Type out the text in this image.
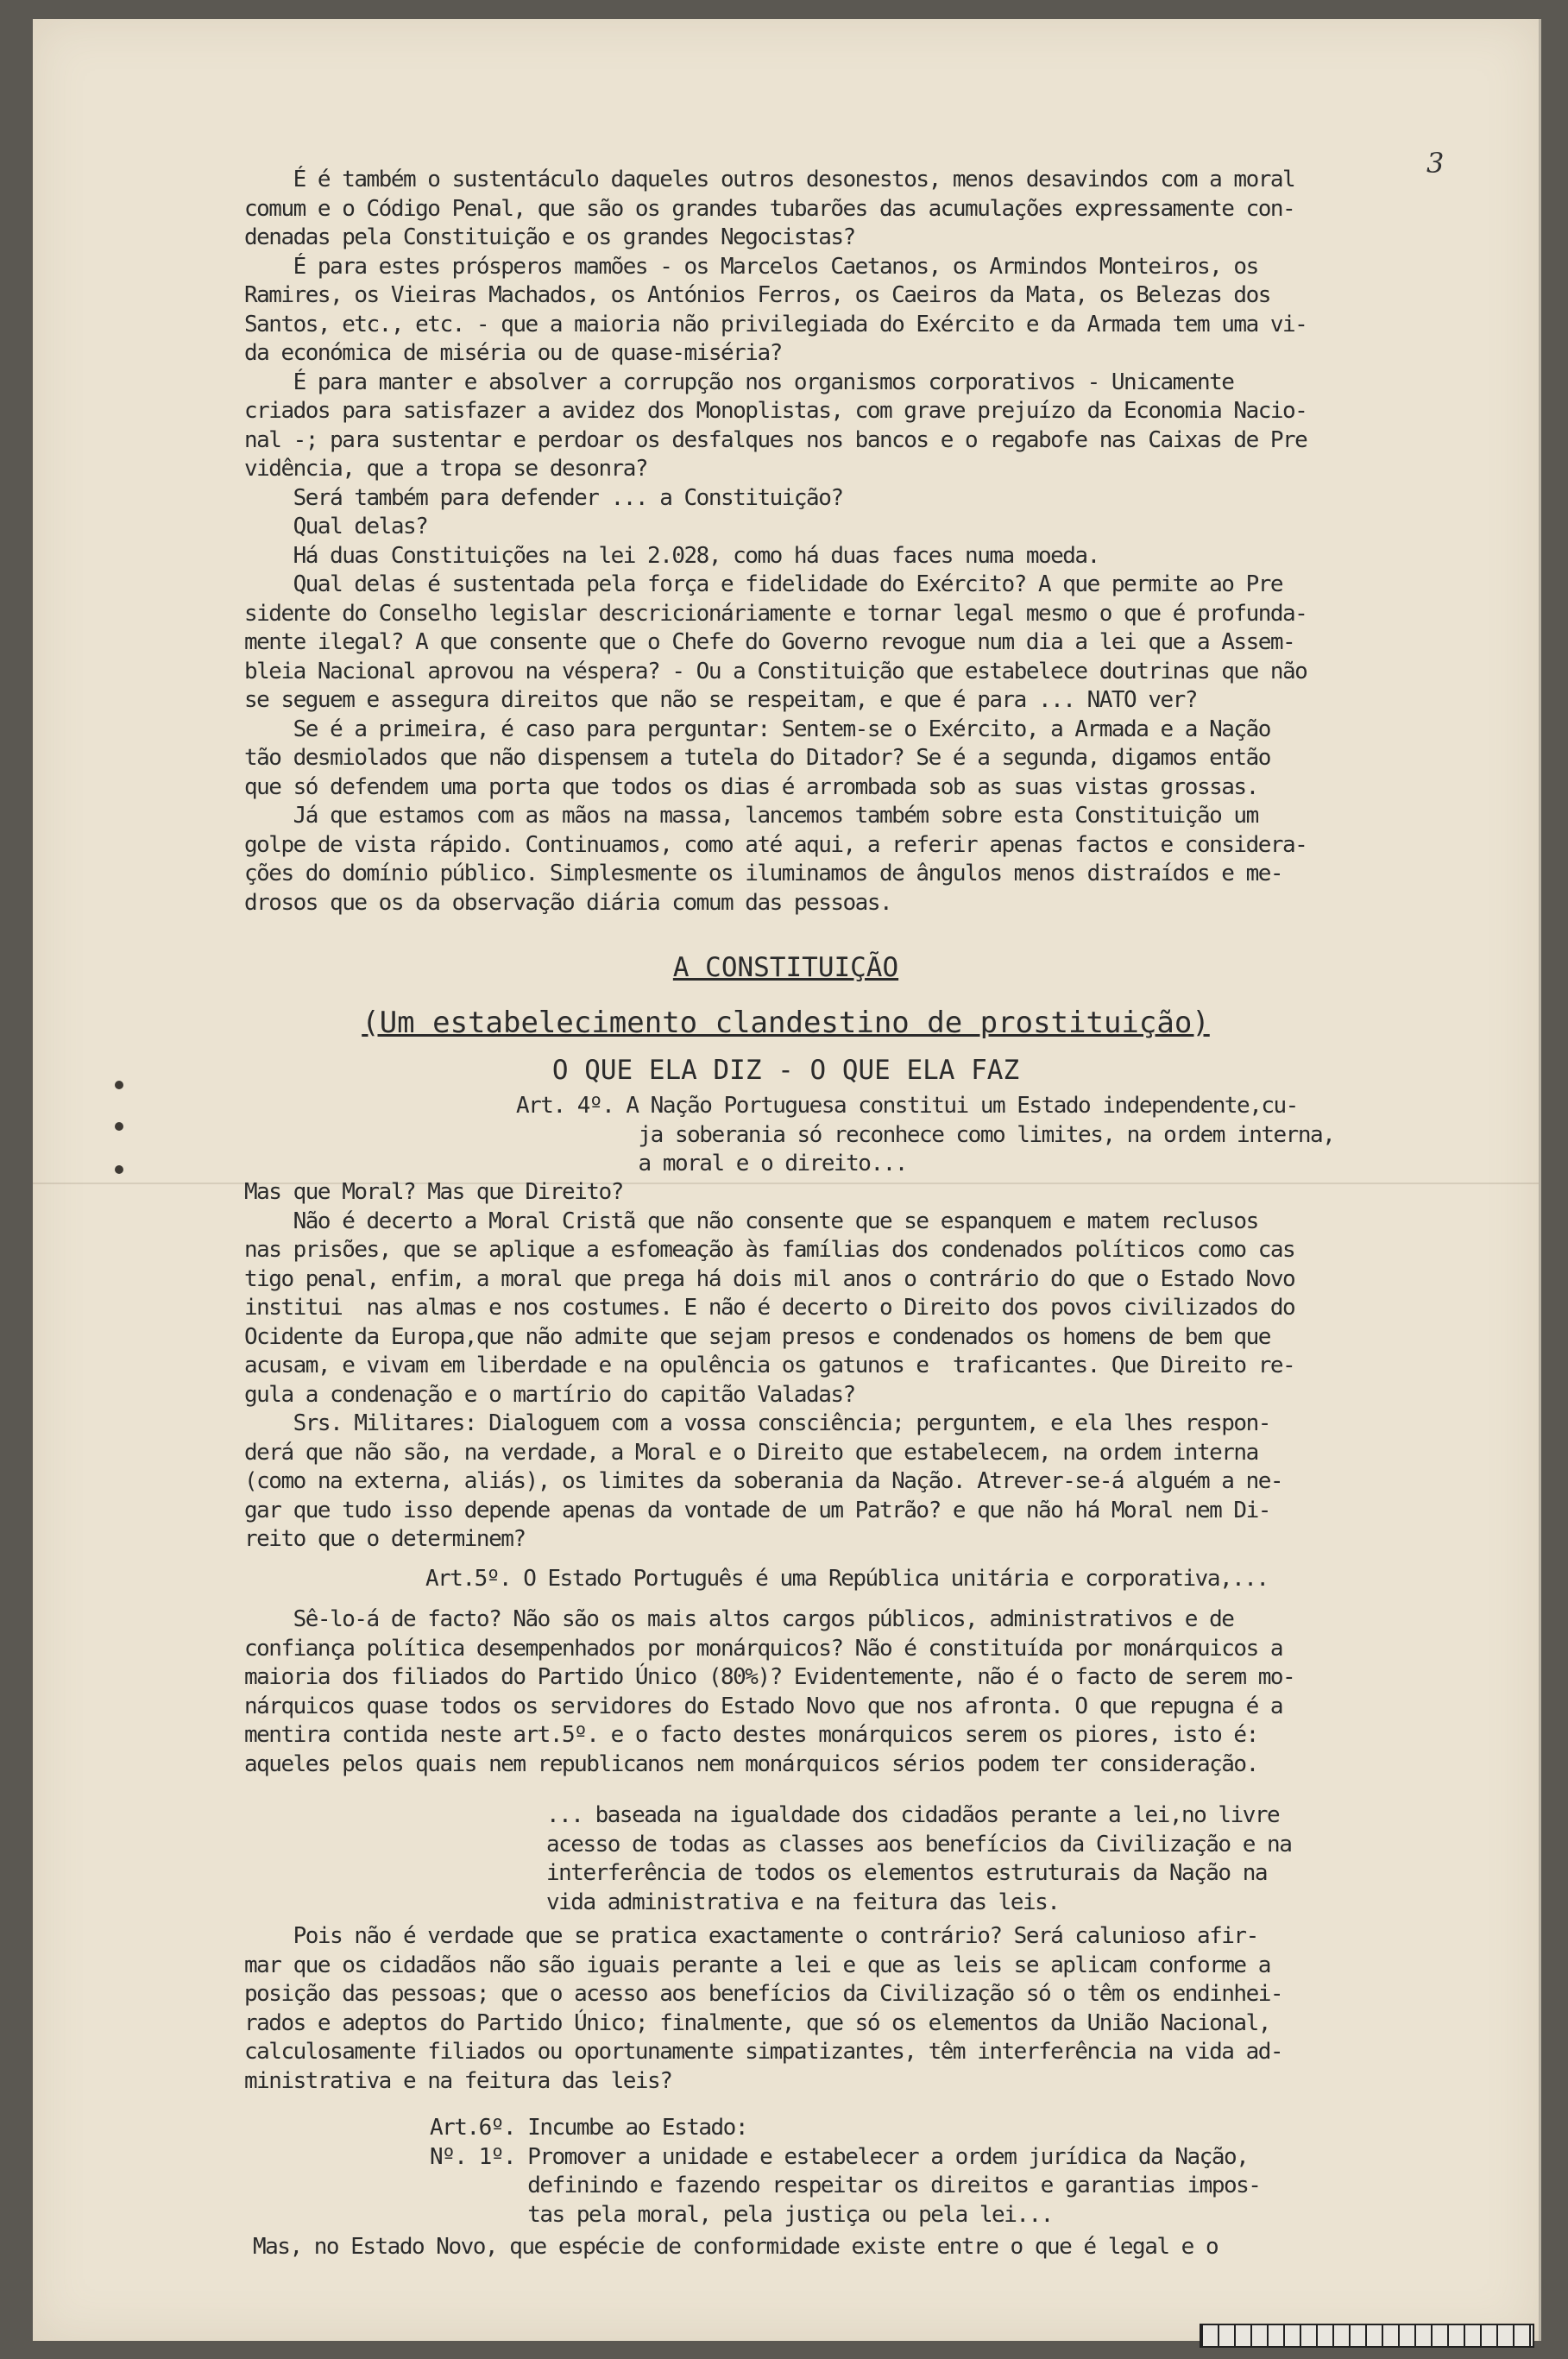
3
É é também o sustentáculo daqueles outros desonestos, menos desavindos com a moral
comum e o Código Penal, que são os grandes tubarões das acumulações expressamente con-
denadas pela Constituição e os grandes Negocistas?
É para estes prósperos mamões - os Marcelos Caetanos, os Armindos Monteiros, os
Ramires, os Vieiras Machados, os Antónios Ferros, os Caeiros da Mata, os Belezas dos
Santos, etc., etc. - que a maioria não privilegiada do Exército e da Armada tem uma vi-
da económica de miséria ou de quase-miséria?
É para manter e absolver a corrupção nos organismos corporativos - Unicamente
criados para satisfazer a avidez dos Monoplistas, com grave prejuízo da Economia Nacio-
nal -; para sustentar e perdoar os desfalques nos bancos e o regabofe nas Caixas de Pre
vidência, que a tropa se desonra?
Será também para defender ... a Constituição?
Qual delas?
Há duas Constituições na lei 2.028, como há duas faces numa moeda.
Qual delas é sustentada pela força e fidelidade do Exército? A que permite ao Pre
sidente do Conselho legislar descricionáriamente e tornar legal mesmo o que é profunda-
mente ilegal? A que consente que o Chefe do Governo revogue num dia a lei que a Assem-
bleia Nacional aprovou na véspera? - Ou a Constituição que estabelece doutrinas que não
se seguem e assegura direitos que não se respeitam, e que é para ... NATO ver?
Se é a primeira, é caso para perguntar: Sentem-se o Exército, a Armada e a Nação
tão desmiolados que não dispensem a tutela do Ditador? Se é a segunda, digamos então
que só defendem uma porta que todos os dias é arrombada sob as suas vistas grossas.
Já que estamos com as mãos na massa, lancemos também sobre esta Constituição um
golpe de vista rápido. Continuamos, como até aqui, a referir apenas factos e considera-
ções do domínio público. Simplesmente os iluminamos de ângulos menos distraídos e me-
drosos que os da observação diária comum das pessoas.
A CONSTITUIÇÃO
(Um estabelecimento clandestino de prostituição)
O QUE ELA DIZ - O QUE ELA FAZ
Art. 4º. A Nação Portuguesa constitui um Estado independente,cu-
ja soberania só reconhece como limites, na ordem interna,
a moral e o direito...
Mas que Moral? Mas que Direito?
Não é decerto a Moral Cristã que não consente que se espanquem e matem reclusos
nas prisões, que se aplique a esfomeação às famílias dos condenados políticos como cas
tigo penal, enfim, a moral que prega há dois mil anos o contrário do que o Estado Novo
institui  nas almas e nos costumes. E não é decerto o Direito dos povos civilizados do
Ocidente da Europa,que não admite que sejam presos e condenados os homens de bem que
acusam, e vivam em liberdade e na opulência os gatunos e  traficantes. Que Direito re-
gula a condenação e o martírio do capitão Valadas?
Srs. Militares: Dialoguem com a vossa consciência; perguntem, e ela lhes respon-
derá que não são, na verdade, a Moral e o Direito que estabelecem, na ordem interna
(como na externa, aliás), os limites da soberania da Nação. Atrever-se-á alguém a ne-
gar que tudo isso depende apenas da vontade de um Patrão? e que não há Moral nem Di-
reito que o determinem?
Art.5º. O Estado Português é uma República unitária e corporativa,...
Sê-lo-á de facto? Não são os mais altos cargos públicos, administrativos e de
confiança política desempenhados por monárquicos? Não é constituída por monárquicos a
maioria dos filiados do Partido Único (80%)? Evidentemente, não é o facto de serem mo-
nárquicos quase todos os servidores do Estado Novo que nos afronta. O que repugna é a
mentira contida neste art.5º. e o facto destes monárquicos serem os piores, isto é:
aqueles pelos quais nem republicanos nem monárquicos sérios podem ter consideração.
... baseada na igualdade dos cidadãos perante a lei,no livre
acesso de todas as classes aos benefícios da Civilização e na
interferência de todos os elementos estruturais da Nação na
vida administrativa e na feitura das leis.
Pois não é verdade que se pratica exactamente o contrário? Será calunioso afir-
mar que os cidadãos não são iguais perante a lei e que as leis se aplicam conforme a
posição das pessoas; que o acesso aos benefícios da Civilização só o têm os endinhei-
rados e adeptos do Partido Único; finalmente, que só os elementos da União Nacional,
calculosamente filiados ou oportunamente simpatizantes, têm interferência na vida ad-
ministrativa e na feitura das leis?
Art.6º. Incumbe ao Estado:
Nº. 1º. Promover a unidade e estabelecer a ordem jurídica da Nação,
definindo e fazendo respeitar os direitos e garantias impos-
tas pela moral, pela justiça ou pela lei...
Mas, no Estado Novo, que espécie de conformidade existe entre o que é legal e o
